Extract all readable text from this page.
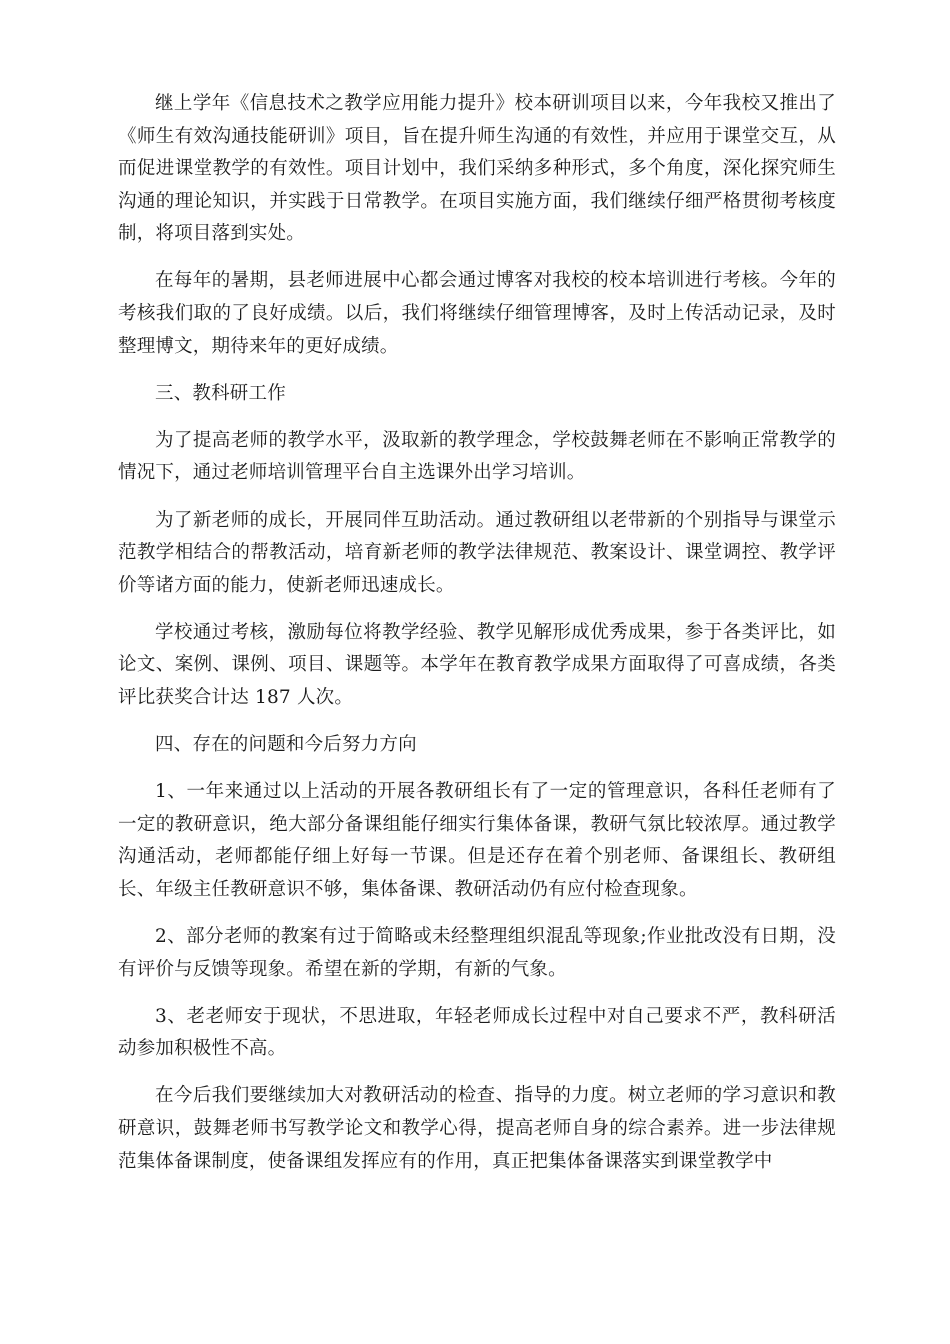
继上学年《信息技术之教学应用能力提升》校本研训项目以来，今年我校又推出了《师生有效沟通技能研训》项目，旨在提升师生沟通的有效性，并应用于课堂交互，从而促进课堂教学的有效性。项目计划中，我们采纳多种形式，多个角度，深化探究师生沟通的理论知识，并实践于日常教学。在项目实施方面，我们继续仔细严格贯彻考核度制，将项目落到实处。

在每年的暑期，县老师进展中心都会通过博客对我校的校本培训进行考核。今年的考核我们取的了良好成绩。以后，我们将继续仔细管理博客，及时上传活动记录，及时整理博文，期待来年的更好成绩。

三、教科研工作

为了提高老师的教学水平，汲取新的教学理念，学校鼓舞老师在不影响正常教学的情况下，通过老师培训管理平台自主选课外出学习培训。

为了新老师的成长，开展同伴互助活动。通过教研组以老带新的个别指导与课堂示范教学相结合的帮教活动，培育新老师的教学法律规范、教案设计、课堂调控、教学评价等诸方面的能力，使新老师迅速成长。

学校通过考核，激励每位将教学经验、教学见解形成优秀成果，参于各类评比，如论文、案例、课例、项目、课题等。本学年在教育教学成果方面取得了可喜成绩，各类评比获奖合计达 187 人次。

四、存在的问题和今后努力方向

1、一年来通过以上活动的开展各教研组长有了一定的管理意识，各科任老师有了一定的教研意识，绝大部分备课组能仔细实行集体备课，教研气氛比较浓厚。通过教学沟通活动，老师都能仔细上好每一节课。但是还存在着个别老师、备课组长、教研组长、年级主任教研意识不够，集体备课、教研活动仍有应付检查现象。

2、部分老师的教案有过于简略或未经整理组织混乱等现象;作业批改没有日期，没有评价与反馈等现象。希望在新的学期，有新的气象。

3、老老师安于现状，不思进取，年轻老师成长过程中对自己要求不严，教科研活动参加积极性不高。

在今后我们要继续加大对教研活动的检查、指导的力度。树立老师的学习意识和教研意识，鼓舞老师书写教学论文和教学心得，提高老师自身的综合素养。进一步法律规范集体备课制度，使备课组发挥应有的作用，真正把集体备课落实到课堂教学中
